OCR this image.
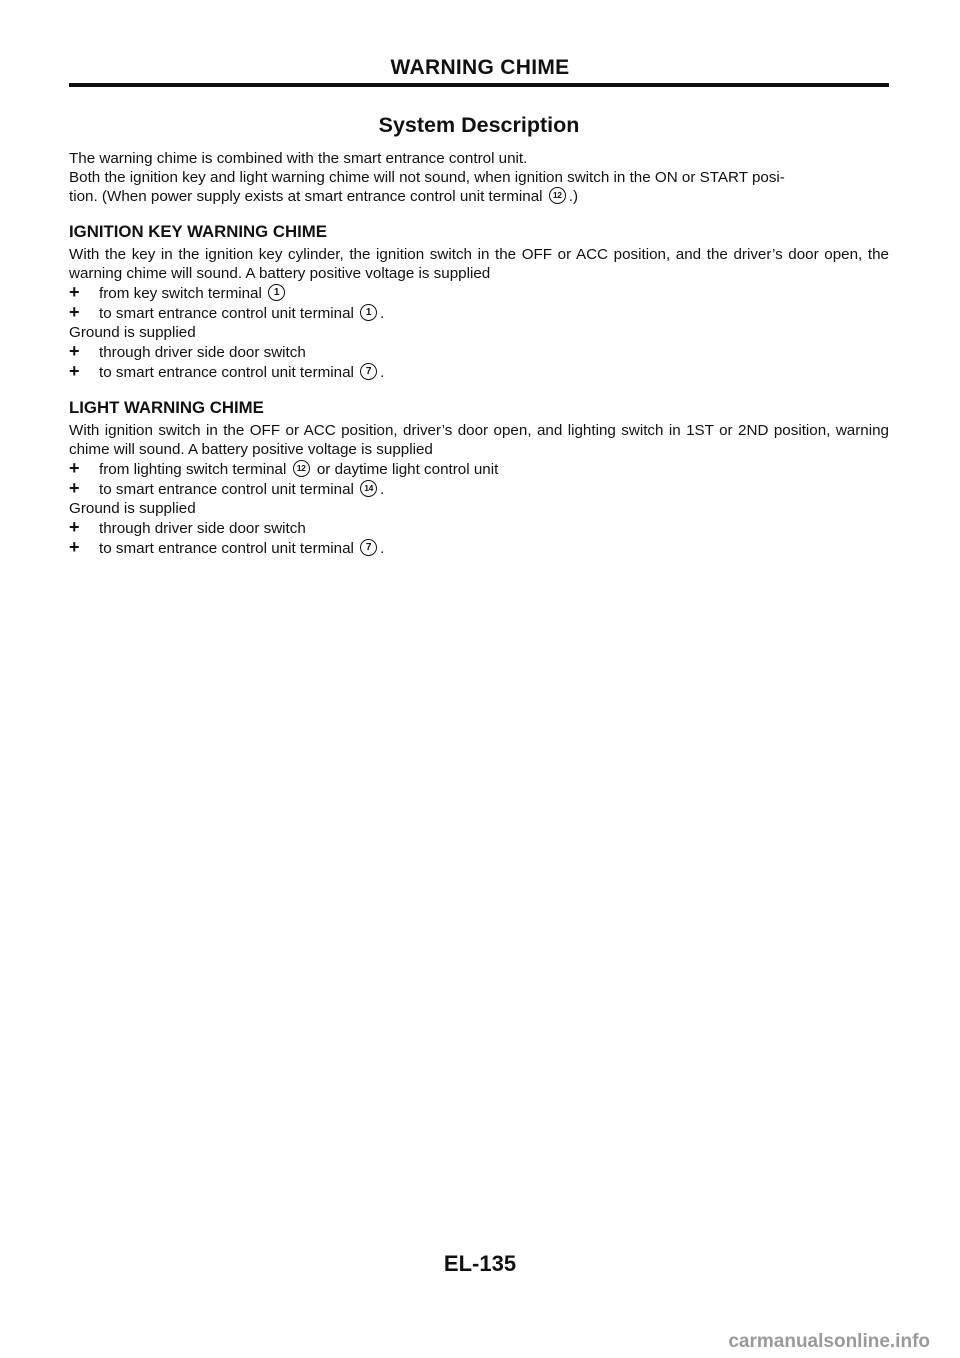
WARNING CHIME
System Description

The warning chime is combined with the smart entrance control unit.

Both the ignition key and light warning chime will not sound, when ignition switch in the ON or START posi-

tion. (When power supply exists at smart entrance control unit terminal 12 .)

IGNITION KEY WARNING CHIME

With the key in the ignition key cylinder, the ignition switch in the OFF or ACC position, and the driver’s door open, the warning chime will sound. A battery positive voltage is supplied

+	from key switch terminal 1
+	to smart entrance control unit terminal 1 .

Ground is supplied

+	through driver side door switch
+	to smart entrance control unit terminal 7 .
LIGHT WARNING CHIME

With ignition switch in the OFF or ACC position, driver’s door open, and lighting switch in 1ST or 2ND position, warning chime will sound. A battery positive voltage is supplied

+	from lighting switch terminal 12 or daytime light control unit
+	to smart entrance control unit terminal 14 .

Ground is supplied

+	through driver side door switch
+	to smart entrance control unit terminal 7 .
EL-135
carmanualsonline.info
